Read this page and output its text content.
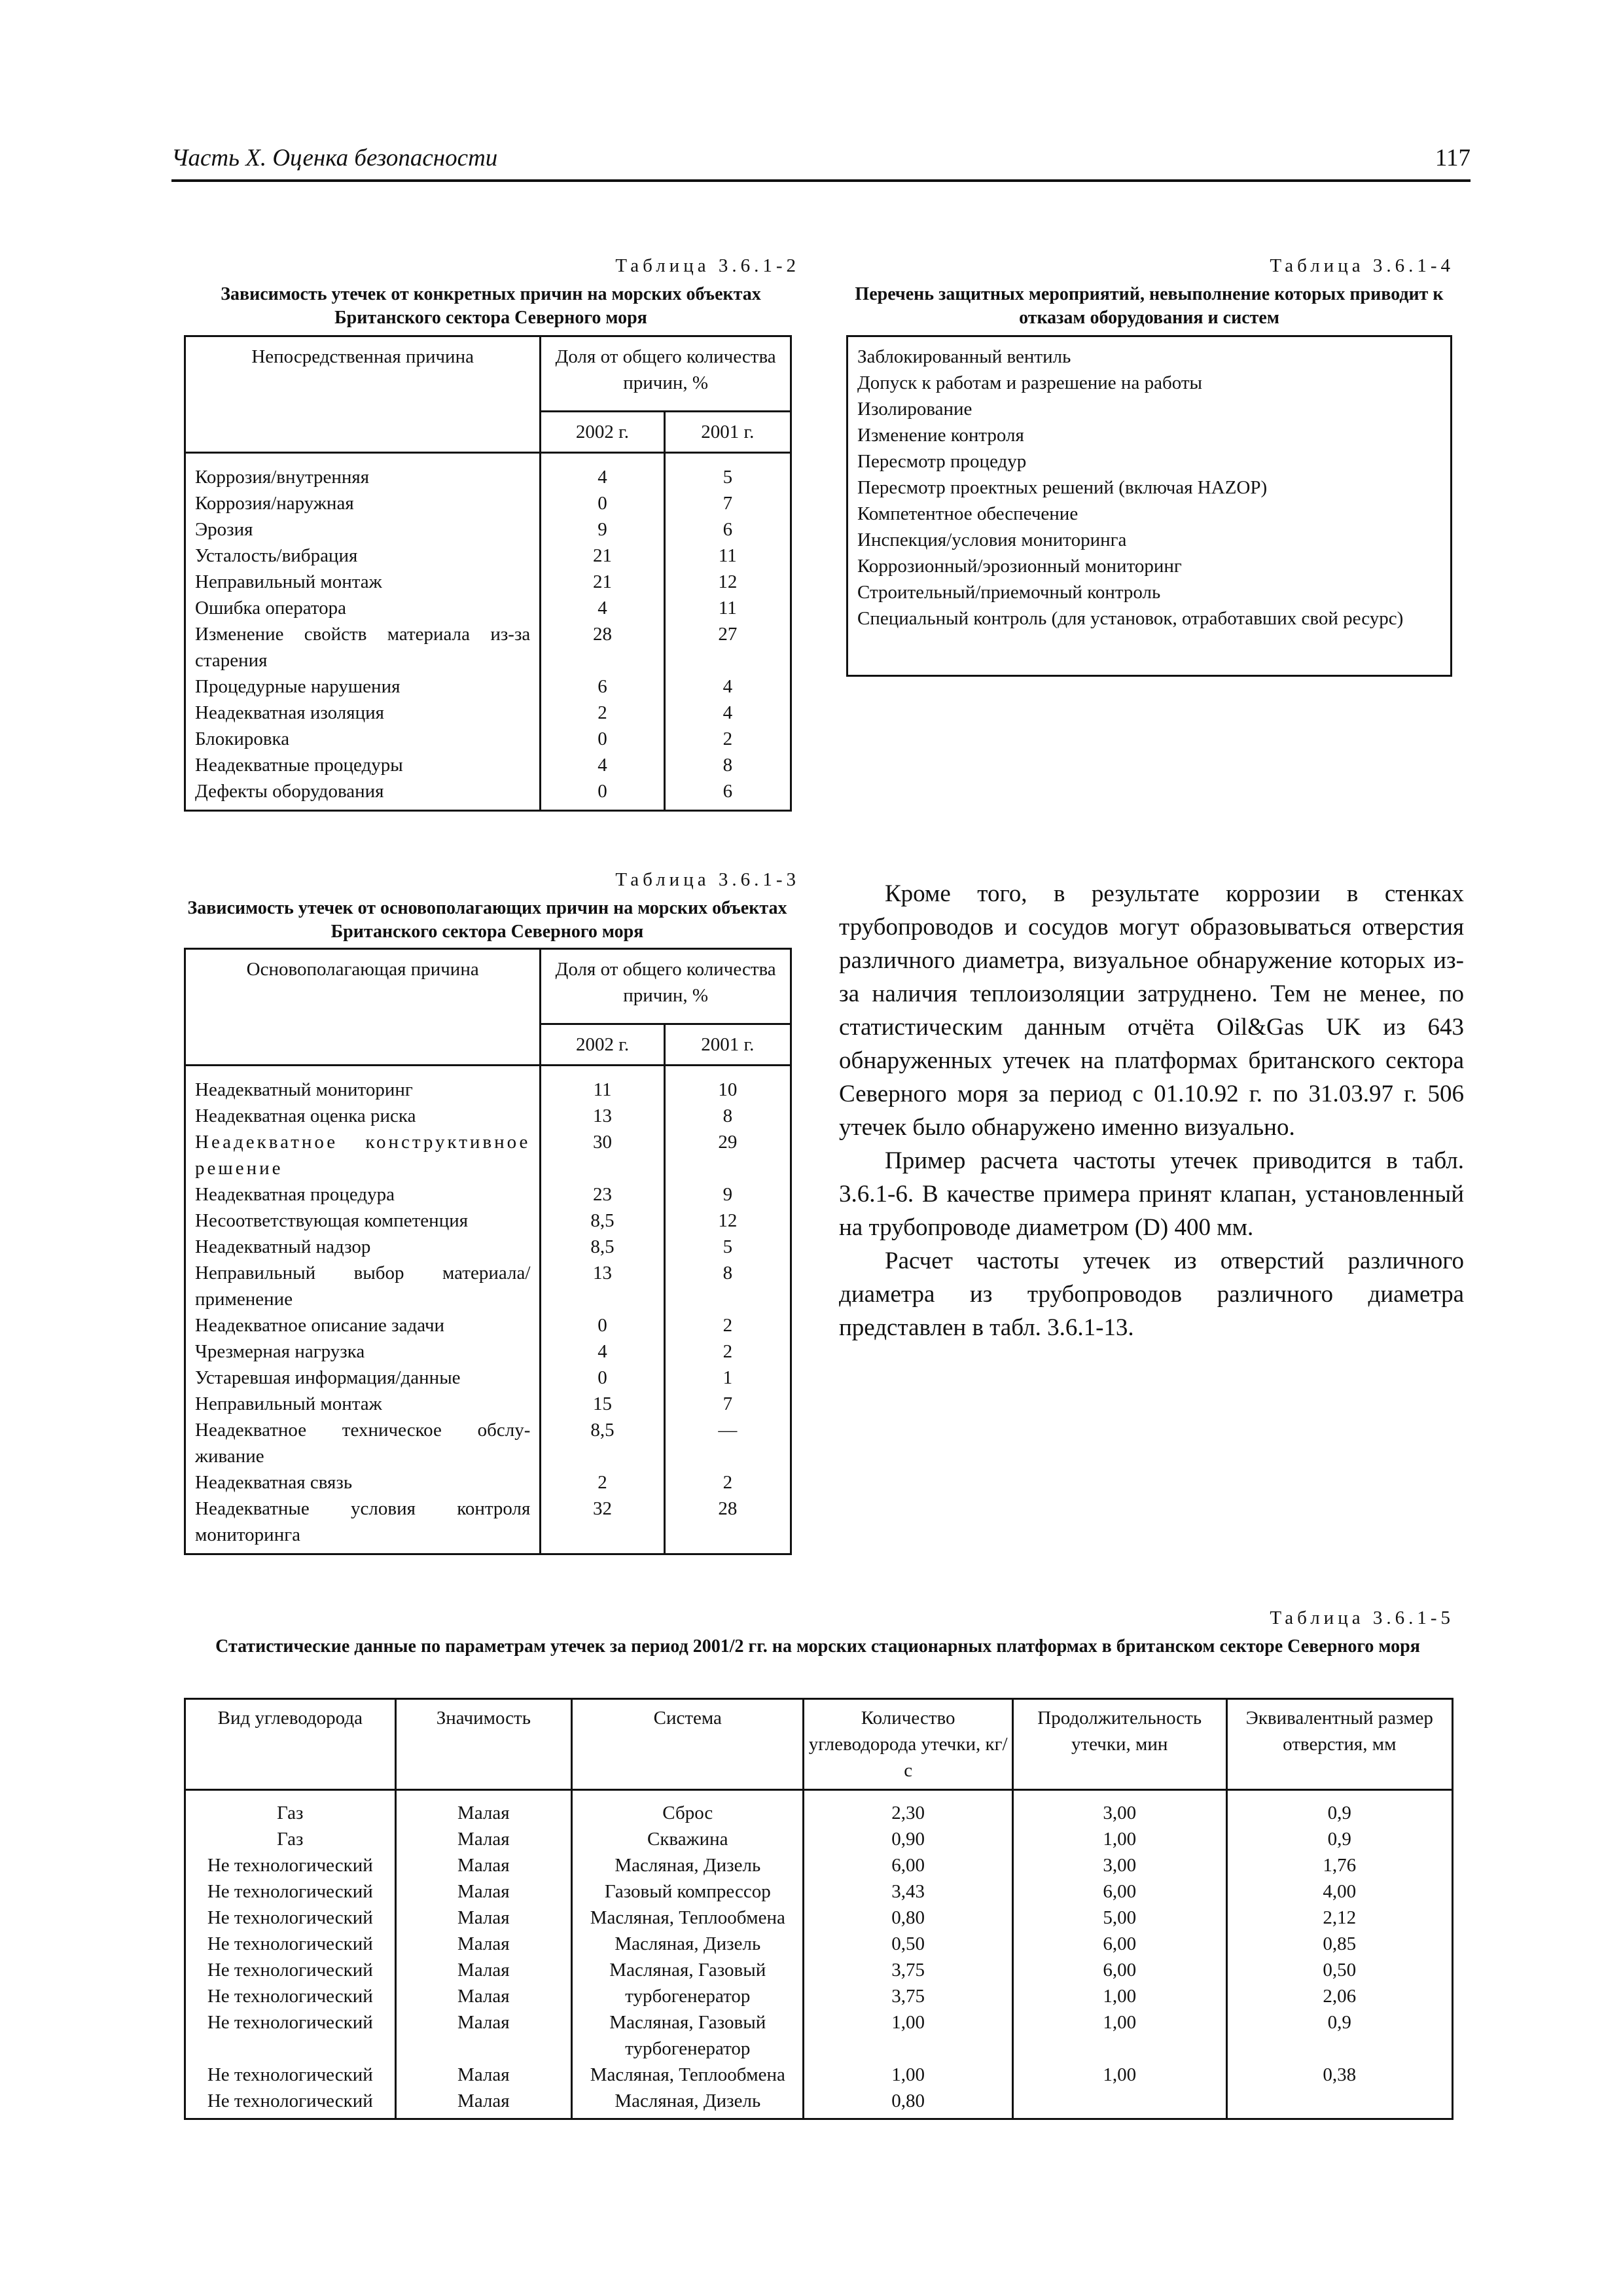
Часть X. Оценка безопасности	117
Таблица 3.6.1-2
Зависимость утечек от конкретных причин на морских объектах Британского сектора Северного моря
Непосредственная причина	Доля от общего количества причин, %	
	2002 г.	2001 г.
Коррозия/внутренняя	4	5
Коррозия/наружная	0	7
Эрозия	9	6
Усталость/вибрация	21	11
Неправильный монтаж	21	12
Ошибка оператора	4	11
Изменение свойств материала из-за старения	28	27
Процедурные нарушения	6	4
Неадекватная изоляция	2	4
Блокировка	0	2
Неадекватные процедуры	4	8
Дефекты оборудования	0	6
Таблица 3.6.1-4
Перечень защитных мероприятий, невыполнение которых приводит к отказам оборудования и систем
Заблокированный вентиль
Допуск к работам и разрешение на работы
Изолирование
Изменение контроля
Пересмотр процедур
Пересмотр проектных решений (включая HAZOP)
Компетентное обеспечение
Инспекция/условия мониторинга
Коррозионный/эрозионный мониторинг
Строительный/приемочный контроль
Специальный контроль (для установок, отработавших свой ресурс)
Таблица 3.6.1-3
Зависимость утечек от основополагающих причин на морских объектах Британского сектора Северного моря
Основополагающая причина	Доля от общего количества причин, %	
	2002 г.	2001 г.
Неадекватный мониторинг	11	10
Неадекватная оценка риска	13	8
Неадекватное конструктивное решение	30	29
Неадекватная процедура	23	9
Несоответствующая компетенция	8,5	12
Неадекватный надзор	8,5	5
Неправильный выбор материала/ применение	13	8
Неадекватное описание задачи	0	2
Чрезмерная нагрузка	4	2
Устаревшая информация/данные	0	1
Неправильный монтаж	15	7
Неадекватное техническое обслу-живание	8,5	—
Неадекватная связь	2	2
Неадекватные условия контроля мониторинга	32	28

Кроме того, в результате коррозии в стенках трубопроводов и сосудов могут образовываться отверстия различного диаметра, визуальное обнаружение которых из-за наличия теплоизоляции затруднено. Тем не менее, по статистическим данным отчёта Oil&Gas UK из 643 обнаруженных утечек на платформах британского сектора Северного моря за период с 01.10.92 г. по 31.03.97 г. 506 утечек было обнаружено именно визуально.

Пример расчета частоты утечек приводится в табл. 3.6.1-6. В качестве примера принят клапан, установленный на трубопроводе диаметром (D) 400 мм.

Расчет частоты утечек из отверстий различного диаметра из трубопроводов различного диаметра представлен в табл. 3.6.1-13.

Таблица 3.6.1-5
Статистические данные по параметрам утечек за период 2001/2 гг. на морских стационарных платформах в британском секторе Северного моря
Вид углеводорода	Значимость	Система	Количество углеводорода утечки, кг/с	Продолжительность утечки, мин	Эквивалентный размер отверстия, мм
Газ	Малая	Сброс	2,30	3,00	0,9
Газ	Малая	Скважина	0,90	1,00	0,9
Не технологический	Малая	Масляная, Дизель	6,00	3,00	1,76
Не технологический	Малая	Газовый компрессор	3,43	6,00	4,00
Не технологический	Малая	Масляная, Теплообмена	0,80	5,00	2,12
Не технологический	Малая	Масляная, Дизель	0,50	6,00	0,85
Не технологический	Малая	Масляная, Газовый	3,75	6,00	0,50
Не технологический	Малая	турбогенератор	3,75	1,00	2,06
Не технологический	Малая	Масляная, Газовый турбогенератор	1,00	1,00	0,9
Не технологический	Малая	Масляная, Теплообмена	1,00	1,00	0,38
Не технологический	Малая	Масляная, Дизель	0,80		
